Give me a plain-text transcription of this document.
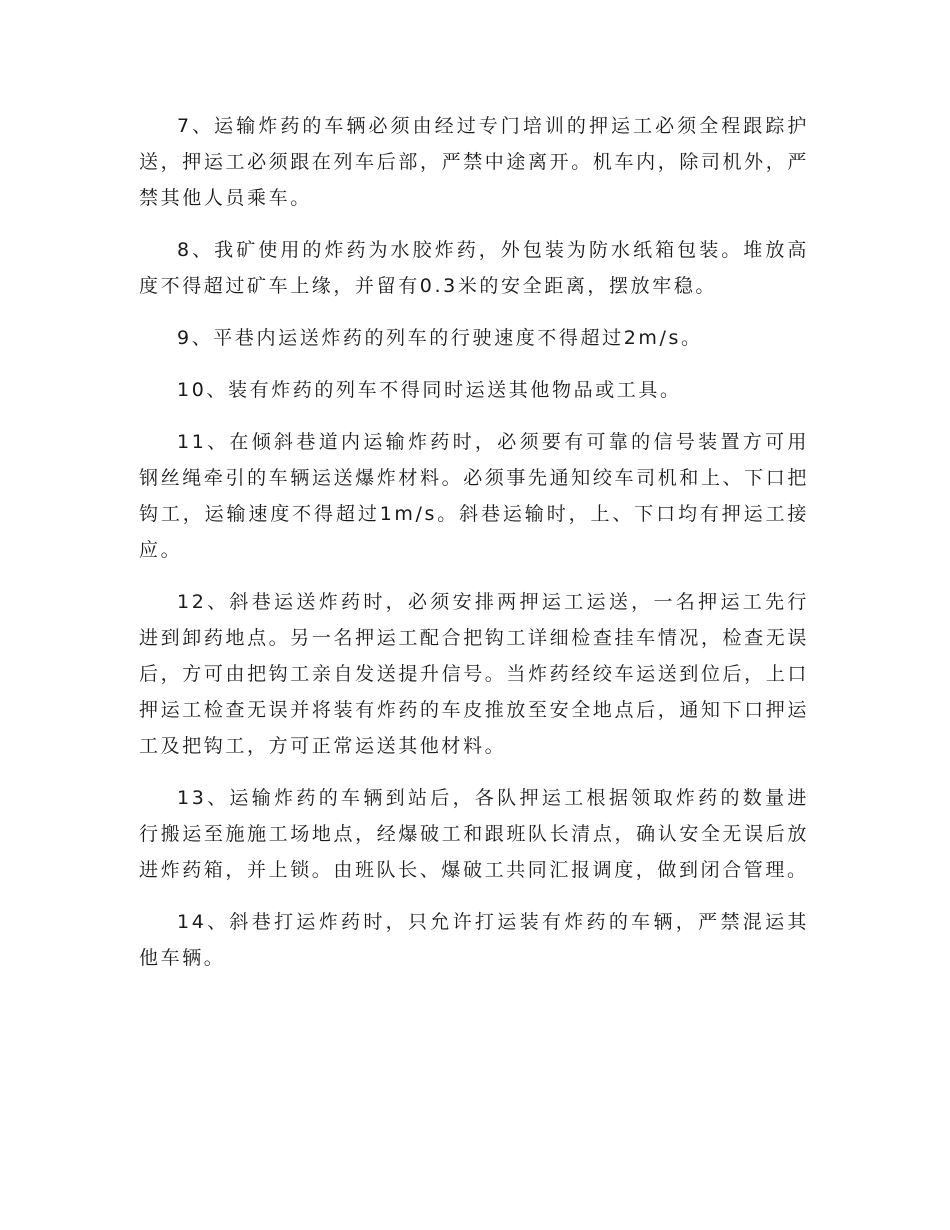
7、运输炸药的车辆必须由经过专门培训的押运工必须全程跟踪护送，押运工必须跟在列车后部，严禁中途离开。机车内，除司机外，严禁其他人员乘车。

8、我矿使用的炸药为水胶炸药，外包装为防水纸箱包装。堆放高度不得超过矿车上缘，并留有0.3米的安全距离，摆放牢稳。

9、平巷内运送炸药的列车的行驶速度不得超过2m/s。

10、装有炸药的列车不得同时运送其他物品或工具。

11、在倾斜巷道内运输炸药时，必须要有可靠的信号装置方可用钢丝绳牵引的车辆运送爆炸材料。必须事先通知绞车司机和上、下口把钩工，运输速度不得超过1m/s。斜巷运输时，上、下口均有押运工接应。

12、斜巷运送炸药时，必须安排两押运工运送，一名押运工先行进到卸药地点。另一名押运工配合把钩工详细检查挂车情况，检查无误后，方可由把钩工亲自发送提升信号。当炸药经绞车运送到位后，上口押运工检查无误并将装有炸药的车皮推放至安全地点后，通知下口押运工及把钩工，方可正常运送其他材料。

13、运输炸药的车辆到站后，各队押运工根据领取炸药的数量进行搬运至施施工场地点，经爆破工和跟班队长清点，确认安全无误后放进炸药箱，并上锁。由班队长、爆破工共同汇报调度，做到闭合管理。

14、斜巷打运炸药时，只允许打运装有炸药的车辆，严禁混运其他车辆。
